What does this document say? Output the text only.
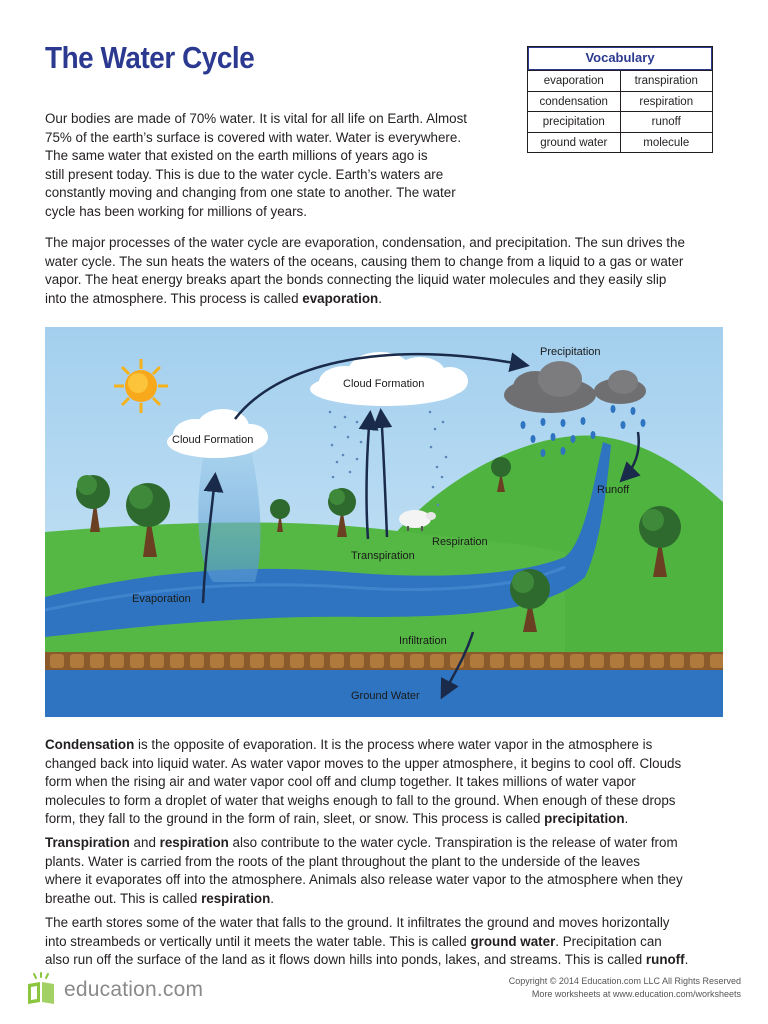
The Water Cycle	Vocabulary
evaporation	transpiration
condensation	respiration
precipitation	runoff
ground water	molecule
Our bodies are made of 70% water. It is vital for all life on Earth. Almost
75% of the earth’s surface is covered with water. Water is everywhere.
The same water that existed on the earth millions of years ago is
still present today. This is due to the water cycle. Earth’s waters are
constantly moving and changing from one state to another. The water
cycle has been working for millions of years.
The major processes of the water cycle are evaporation, condensation, and precipitation. The sun drives the
water cycle. The sun heats the waters of the oceans, causing them to change from a liquid to a gas or water
vapor. The heat energy breaks apart the bonds connecting the liquid water molecules and they easily slip
into the atmosphere. This process is called evaporation.
Precipitation
Cloud Formation
Cloud Formation
Runoff
Respiration
Transpiration
Evaporation
Infiltration
Ground Water
Condensation is the opposite of evaporation. It is the process where water vapor in the atmosphere is
changed back into liquid water. As water vapor moves to the upper atmosphere, it begins to cool off. Clouds
form when the rising air and water vapor cool off and clump together. It takes millions of water vapor
molecules to form a droplet of water that weighs enough to fall to the ground. When enough of these drops
form, they fall to the ground in the form of rain, sleet, or snow. This process is called precipitation.
Transpiration and respiration also contribute to the water cycle. Transpiration is the release of water from
plants. Water is carried from the roots of the plant throughout the plant to the underside of the leaves
where it evaporates off into the atmosphere. Animals also release water vapor to the atmosphere when they
breathe out. This is called respiration.
The earth stores some of the water that falls to the ground. It infiltrates the ground and moves horizontally
into streambeds or vertically until it meets the water table. This is called ground water. Precipitation can
also run off the surface of the land as it flows down hills into ponds, lakes, and streams. This is called runoff.
education.com	Copyright © 2014 Education.com LLC All Rights Reserved
More worksheets at www.education.com/worksheets
